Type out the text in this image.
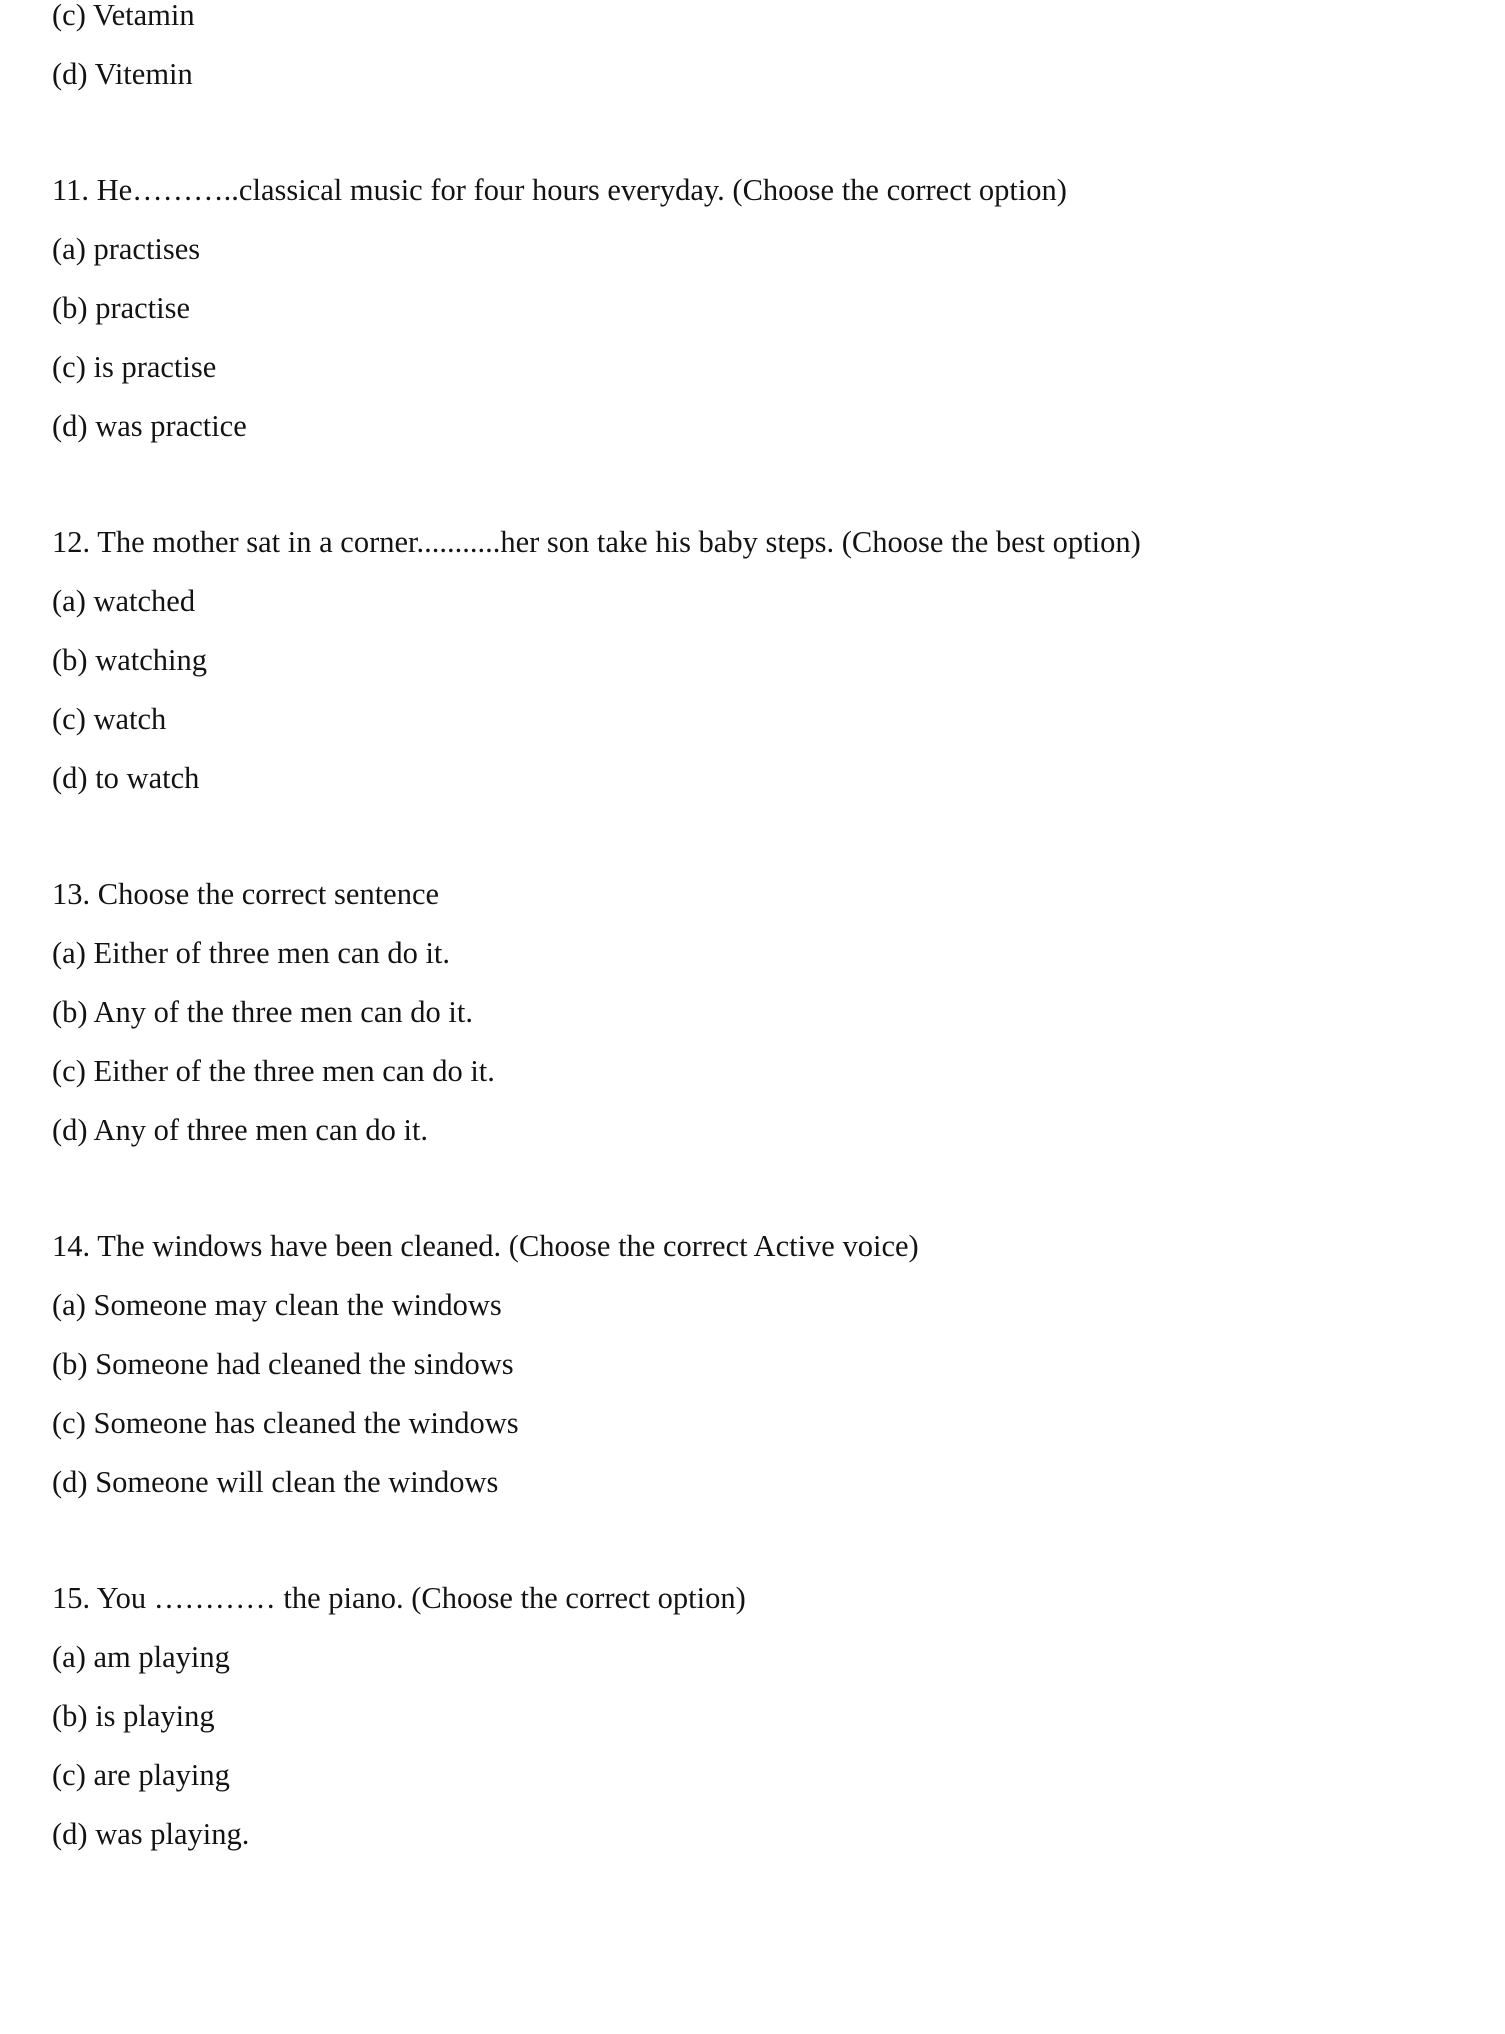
(c) Vetamin
(d) Vitemin
11. He………..classical music for four hours everyday. (Choose the correct option)
(a) practises
(b) practise
(c) is practise
(d) was practice
12. The mother sat in a corner...........her son take his baby steps. (Choose the best option)
(a) watched
(b) watching
(c) watch
(d) to watch
13. Choose the correct sentence
(a) Either of three men can do it.
(b) Any of the three men can do it.
(c) Either of the three men can do it.
(d) Any of three men can do it.
14. The windows have been cleaned. (Choose the correct Active voice)
(a) Someone may clean the windows
(b) Someone had cleaned the sindows
(c) Someone has cleaned the windows
(d) Someone will clean the windows
15. You ………… the piano. (Choose the correct option)
(a) am playing
(b) is playing
(c) are playing
(d) was playing.
